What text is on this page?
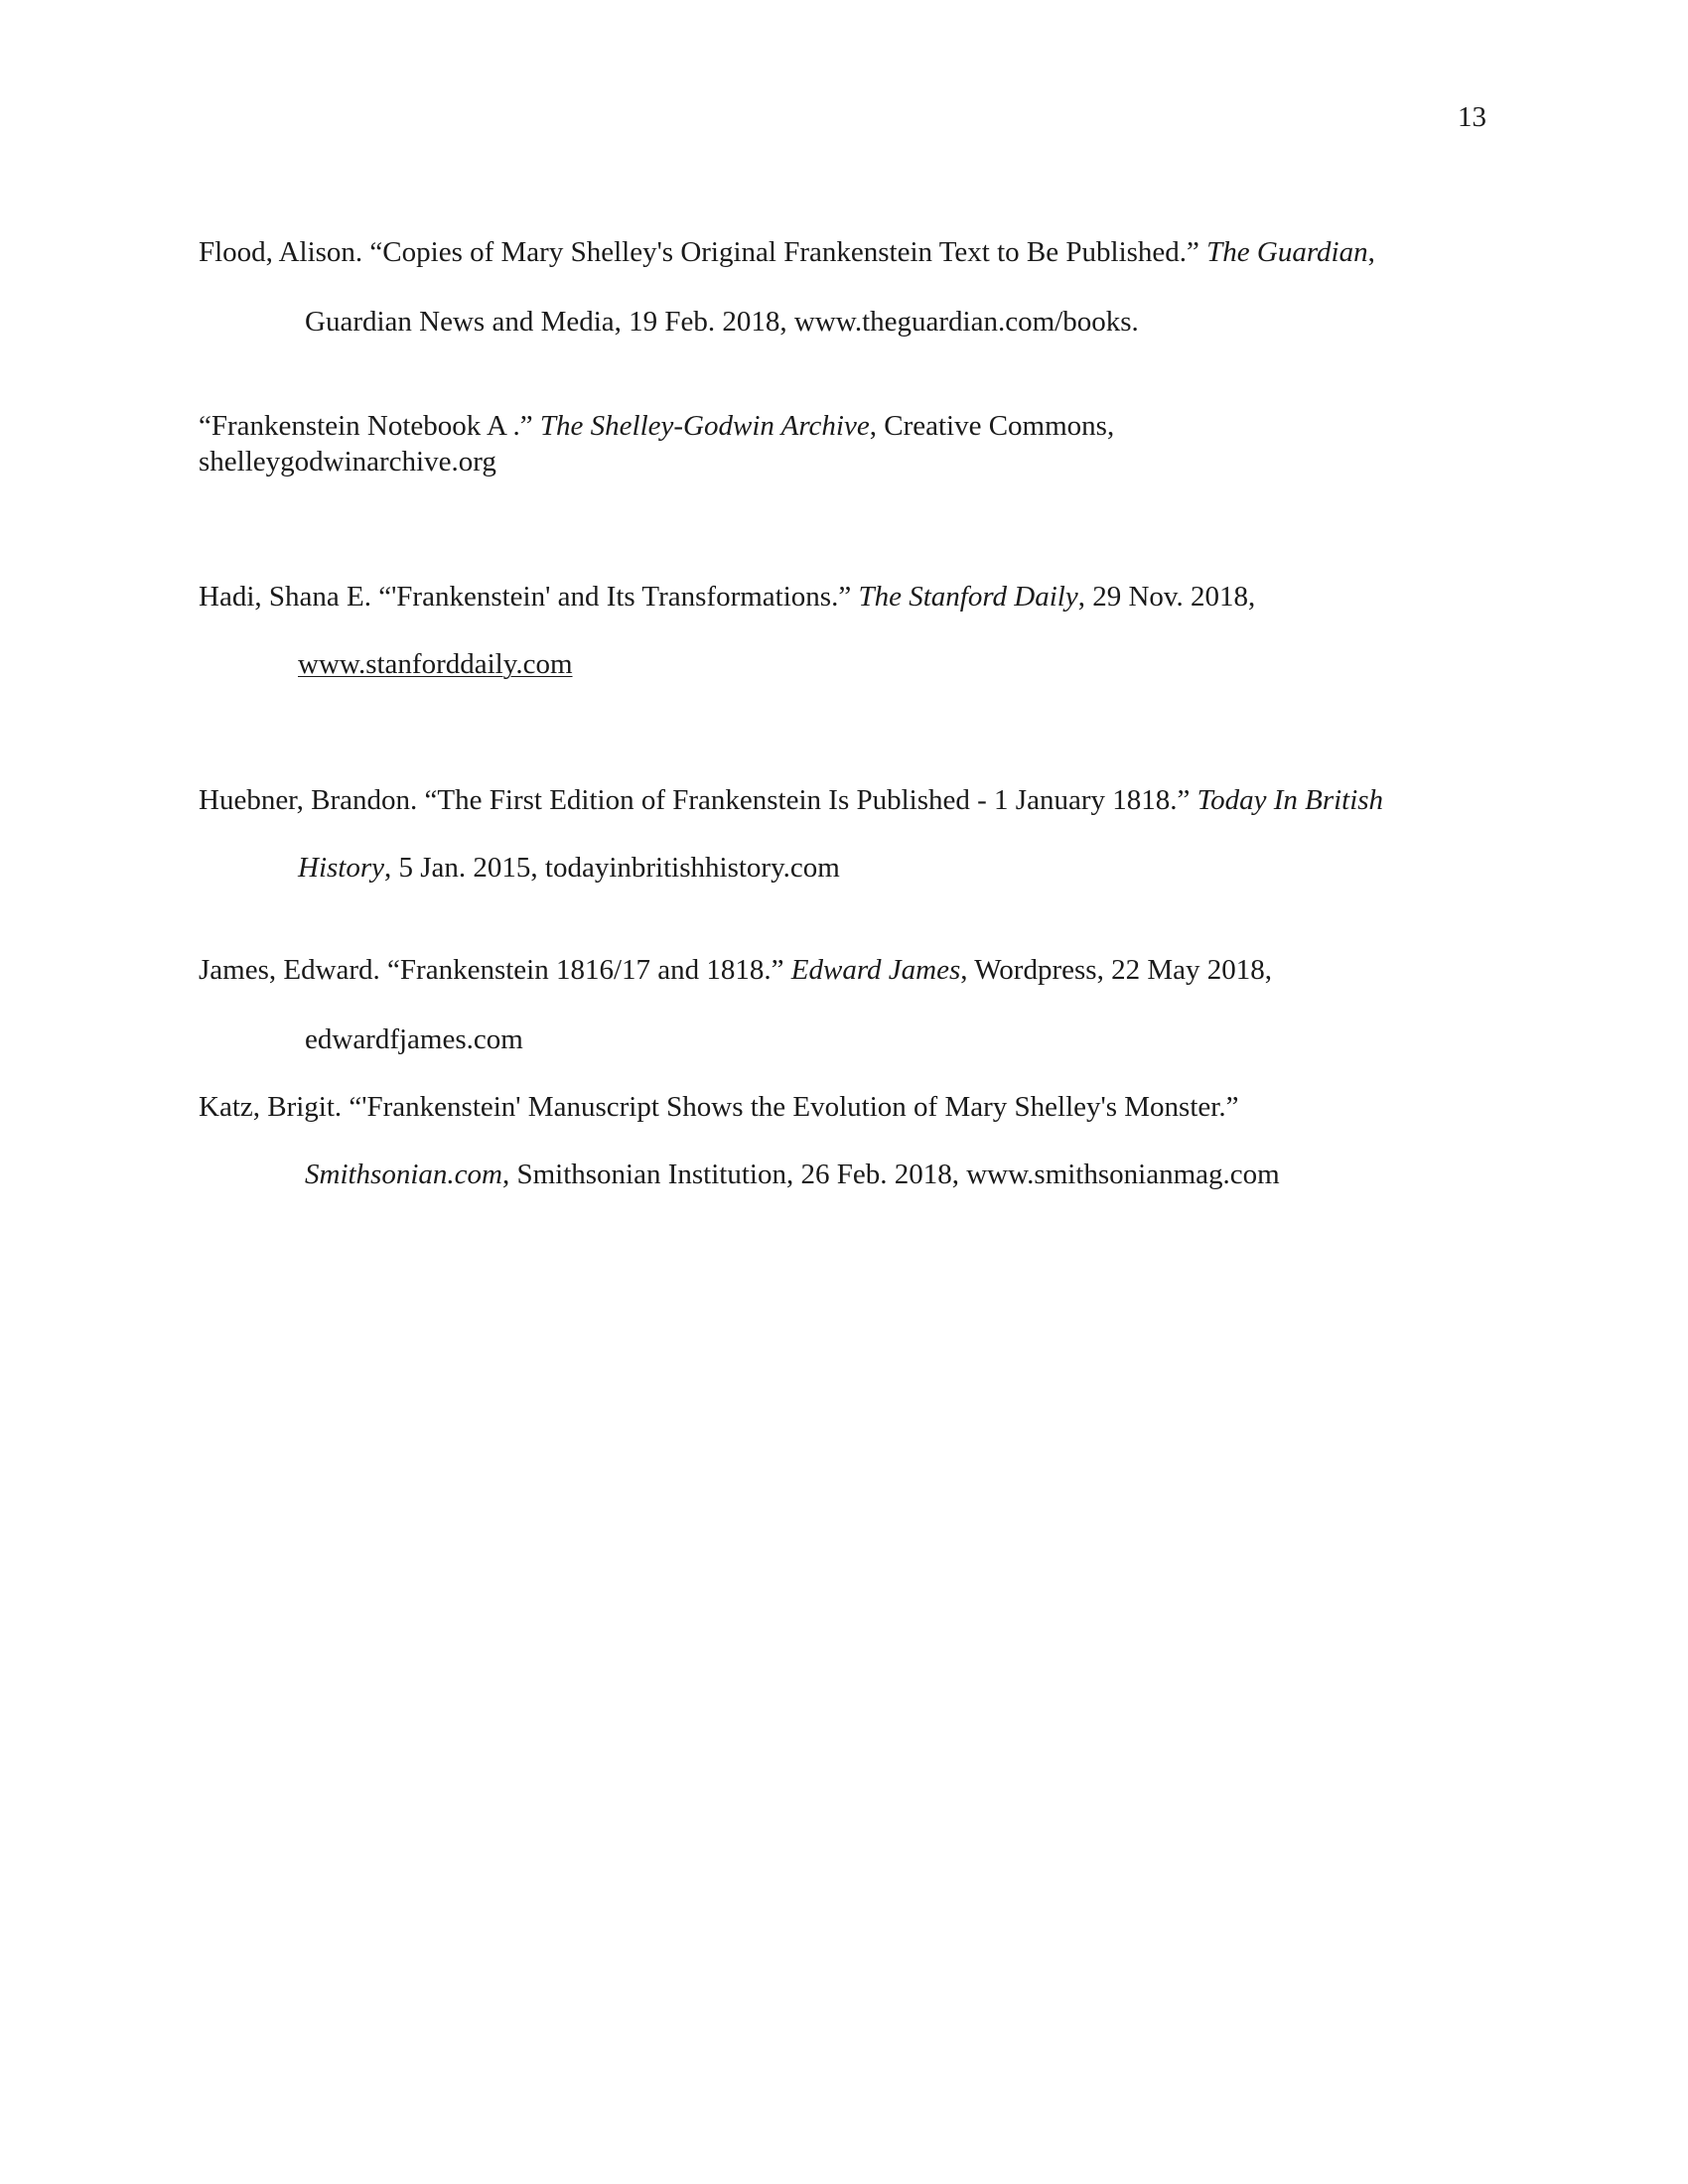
13
Flood, Alison. “Copies of Mary Shelley's Original Frankenstein Text to Be Published.” The Guardian,
Guardian News and Media, 19 Feb. 2018, www.theguardian.com/books.
“Frankenstein Notebook A .” The Shelley-Godwin Archive, Creative Commons,
shelleygodwinarchive.org
Hadi, Shana E. “'Frankenstein' and Its Transformations.” The Stanford Daily, 29 Nov. 2018,
www.stanforddaily.com
Huebner, Brandon. “The First Edition of Frankenstein Is Published - 1 January 1818.” Today In British
History, 5 Jan. 2015, todayinbritishhistory.com
James, Edward. “Frankenstein 1816/17 and 1818.” Edward James, Wordpress, 22 May 2018,
edwardfjames.com
Katz, Brigit. “'Frankenstein' Manuscript Shows the Evolution of Mary Shelley's Monster.”
Smithsonian.com, Smithsonian Institution, 26 Feb. 2018, www.smithsonianmag.com
